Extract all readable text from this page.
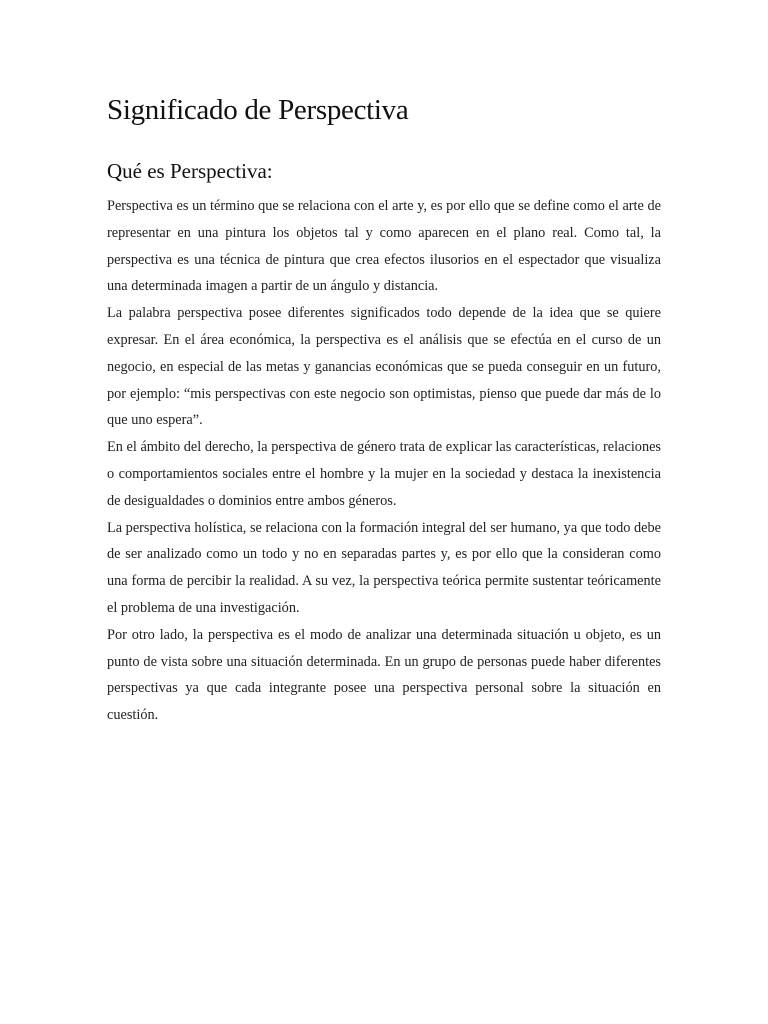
Significado de Perspectiva
Qué es Perspectiva:

Perspectiva es un término que se relaciona con el arte y, es por ello que se define como el arte de representar en una pintura los objetos tal y como aparecen en el plano real. Como tal, la perspectiva es una técnica de pintura que crea efectos ilusorios en el espectador que visualiza una determinada imagen a partir de un ángulo y distancia.

La palabra perspectiva posee diferentes significados todo depende de la idea que se quiere expresar. En el área económica, la perspectiva es el análisis que se efectúa en el curso de un negocio, en especial de las metas y ganancias económicas que se pueda conseguir en un futuro, por ejemplo: “mis perspectivas con este negocio son optimistas, pienso que puede dar más de lo que uno espera”.

En el ámbito del derecho, la perspectiva de género trata de explicar las características, relaciones o comportamientos sociales entre el hombre y la mujer en la sociedad y destaca la inexistencia de desigualdades o dominios entre ambos géneros.

La perspectiva holística, se relaciona con la formación integral del ser humano, ya que todo debe de ser analizado como un todo y no en separadas partes y, es por ello que la consideran como una forma de percibir la realidad. A su vez, la perspectiva teórica permite sustentar teóricamente el problema de una investigación.

Por otro lado, la perspectiva es el modo de analizar una determinada situación u objeto, es un punto de vista sobre una situación determinada. En un grupo de personas puede haber diferentes perspectivas ya que cada integrante posee una perspectiva personal sobre la situación en cuestión.
